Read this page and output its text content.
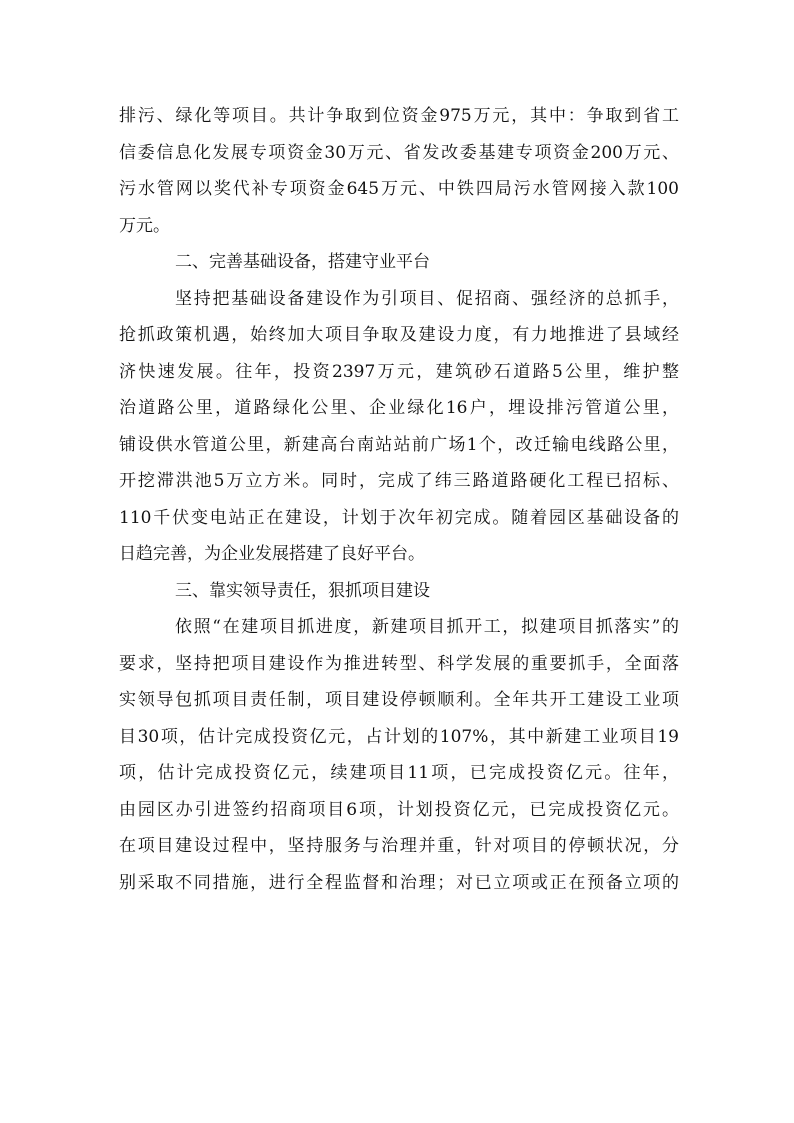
排污、绿化等项目。共计争取到位资金975万元，其中：争取到省工
信委信息化发展专项资金30万元、省发改委基建专项资金200万元、
污水管网以奖代补专项资金645万元、中铁四局污水管网接入款100
万元。
二、完善基础设备，搭建守业平台
坚持把基础设备建设作为引项目、促招商、强经济的总抓手，
抢抓政策机遇，始终加大项目争取及建设力度，有力地推进了县域经
济快速发展。往年，投资2397万元，建筑砂石道路5公里，维护整
治道路公里，道路绿化公里、企业绿化16户，埋设排污管道公里，
铺设供水管道公里，新建高台南站站前广场1个，改迁输电线路公里，
开挖滞洪池5万立方米。同时，完成了纬三路道路硬化工程已招标、
110千伏变电站正在建设，计划于次年初完成。随着园区基础设备的
日趋完善，为企业发展搭建了良好平台。
三、靠实领导责任，狠抓项目建设
依照“在建项目抓进度，新建项目抓开工，拟建项目抓落实”的
要求，坚持把项目建设作为推进转型、科学发展的重要抓手，全面落
实领导包抓项目责任制，项目建设停顿顺利。全年共开工建设工业项
目30项，估计完成投资亿元，占计划的107%，其中新建工业项目19
项，估计完成投资亿元，续建项目11项，已完成投资亿元。往年，
由园区办引进签约招商项目6项，计划投资亿元，已完成投资亿元。
在项目建设过程中，坚持服务与治理并重，针对项目的停顿状况，分
别采取不同措施，进行全程监督和治理；对已立项或正在预备立项的
